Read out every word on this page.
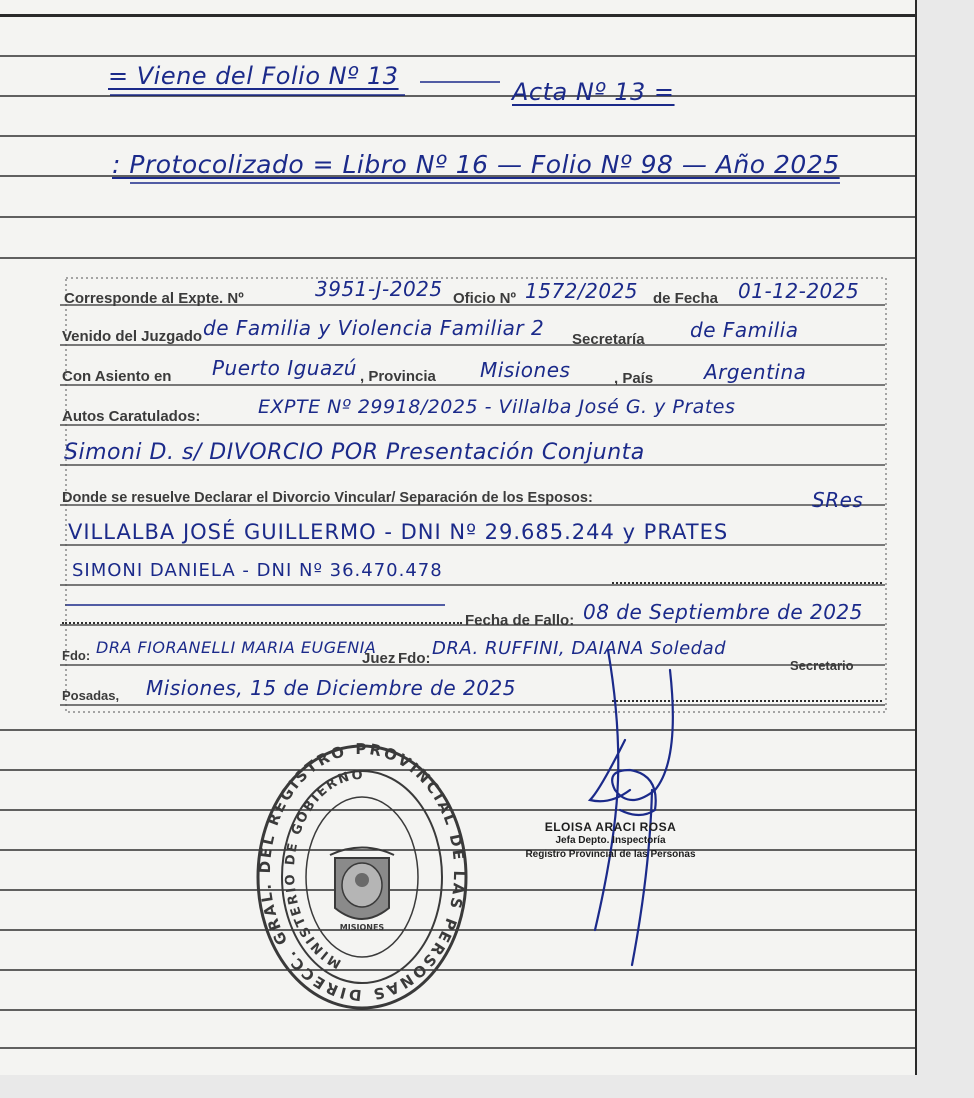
= Viene del Folio Nº 13
Acta Nº 13 =
: Protocolizado = Libro Nº 16 — Folio Nº 98 — Año 2025
Corresponde al Expte. Nº	3951-J-2025 Oficio Nº 1572/2025 de Fecha 01-12-2025
Venido del Juzgado de Familia y Violencia Familiar 2 Secretaría de Familia
Con Asiento en Puerto Iguazú , Provincia Misiones	, País	Argentina
Autos Caratulados:	EXPTE Nº 29918/2025 - Villalba José G. y Prates
Simoni D. s/ DIVORCIO POR Presentación Conjunta
Donde se resuelve Declarar el Divorcio Vincular/ Separación de los Esposos:	SRes
VILLALBA JOSÉ GUILLERMO - DNI Nº 29.685.244 y PRATES
SIMONI DANIELA - DNI Nº 36.470.478
Fecha de Fallo: 08 de Septiembre de 2025
Fdo: DRA FIORANELLI MARIA EUGENIA
Juez Fdo: DRA. RUFFINI, DAIANA Soledad
Secretario
Posadas, Misiones, 15 de Diciembre de 2025
DIRECC. GRAL. DEL REGISTRO PROVINCIAL DE LAS PERSONAS
MINISTERIO DE GOBIERNO
MISIONES
ELOISA ARACI ROSA
Jefa Depto. Inspectoría
Registro Provincial de las Personas
